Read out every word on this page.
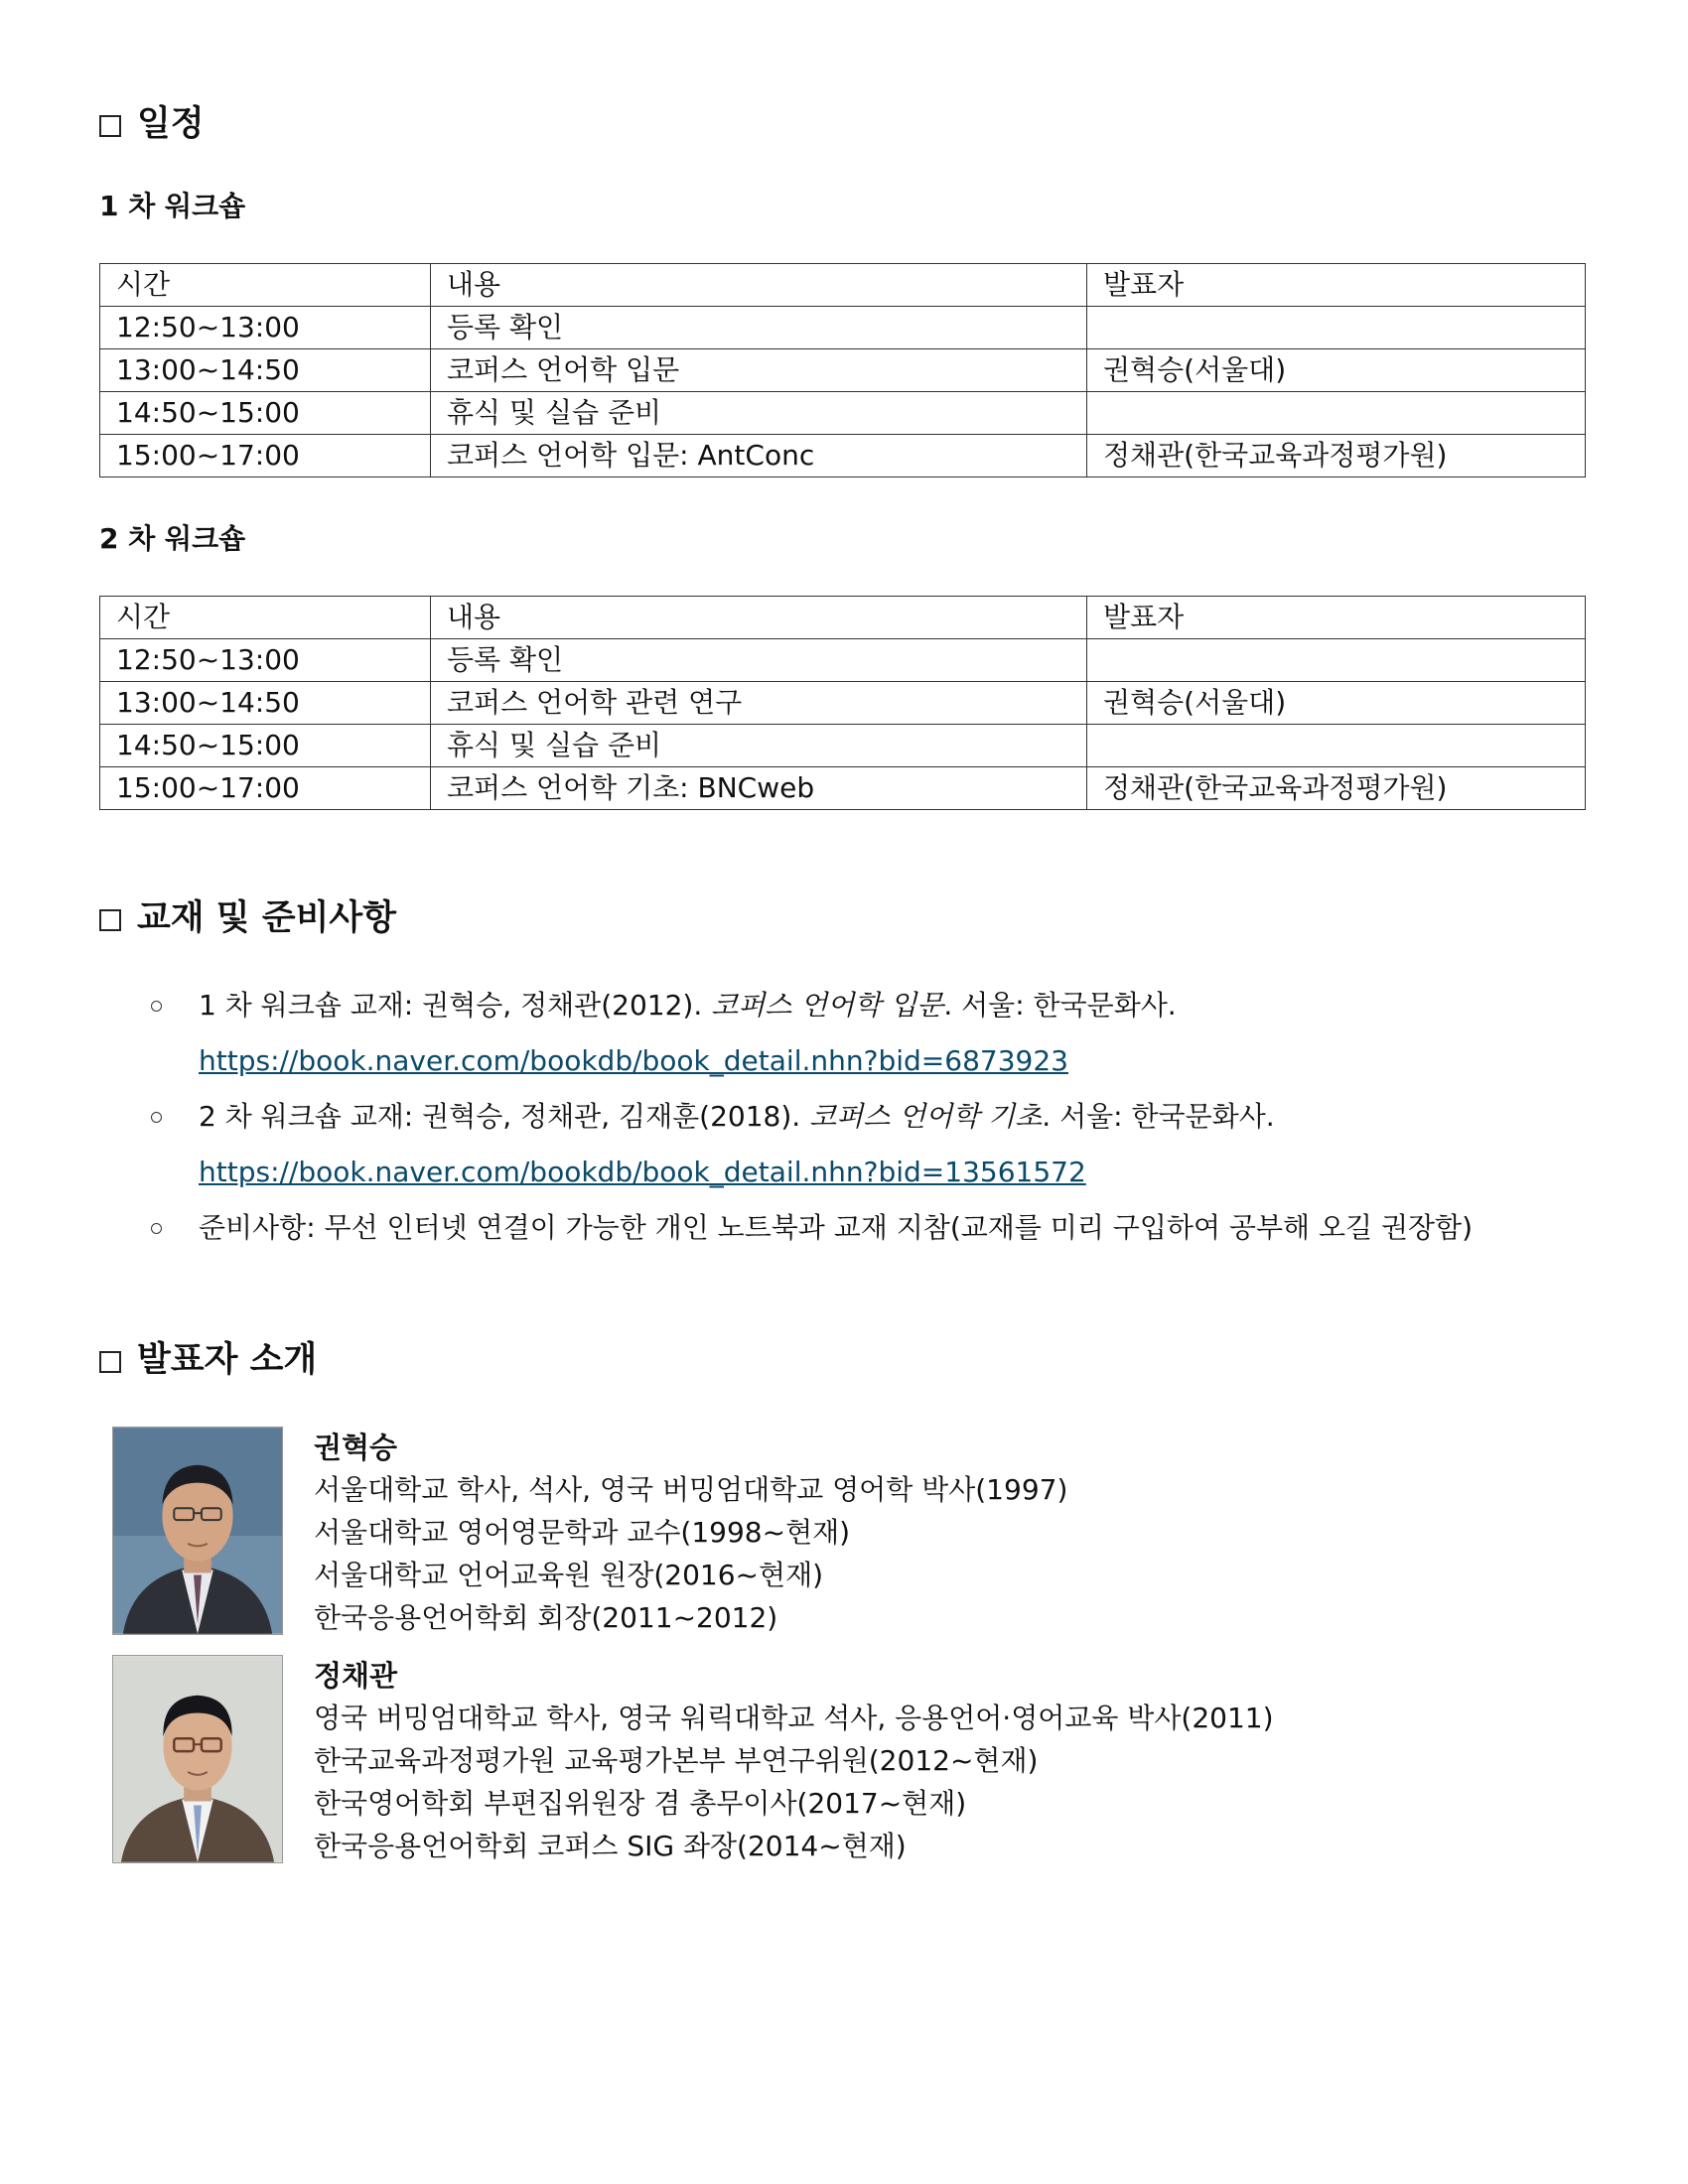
일정
1 차 워크숍
시간	내용	발표자
12:50~13:00	등록 확인	
13:00~14:50	코퍼스 언어학 입문	권혁승(서울대)
14:50~15:00	휴식 및 실습 준비	
15:00~17:00	코퍼스 언어학 입문: AntConc	정채관(한국교육과정평가원)
2 차 워크숍
시간	내용	발표자
12:50~13:00	등록 확인	
13:00~14:50	코퍼스 언어학 관련 연구	권혁승(서울대)
14:50~15:00	휴식 및 실습 준비	
15:00~17:00	코퍼스 언어학 기초: BNCweb	정채관(한국교육과정평가원)
교재 및 준비사항
1 차 워크숍 교재: 권혁승, 정채관(2012). 코퍼스 언어학 입문. 서울: 한국문화사.
https://book.naver.com/bookdb/book_detail.nhn?bid=6873923
2 차 워크숍 교재: 권혁승, 정채관, 김재훈(2018). 코퍼스 언어학 기초. 서울: 한국문화사.
https://book.naver.com/bookdb/book_detail.nhn?bid=13561572
준비사항: 무선 인터넷 연결이 가능한 개인 노트북과 교재 지참(교재를 미리 구입하여 공부해 오길 권장함)
발표자 소개

권혁승

서울대학교 학사, 석사, 영국 버밍엄대학교 영어학 박사(1997)

서울대학교 영어영문학과 교수(1998~현재)

서울대학교 언어교육원 원장(2016~현재)

한국응용언어학회 회장(2011~2012)

정채관

영국 버밍엄대학교 학사, 영국 워릭대학교 석사, 응용언어·영어교육 박사(2011)

한국교육과정평가원 교육평가본부 부연구위원(2012~현재)

한국영어학회 부편집위원장 겸 총무이사(2017~현재)

한국응용언어학회 코퍼스 SIG 좌장(2014~현재)
